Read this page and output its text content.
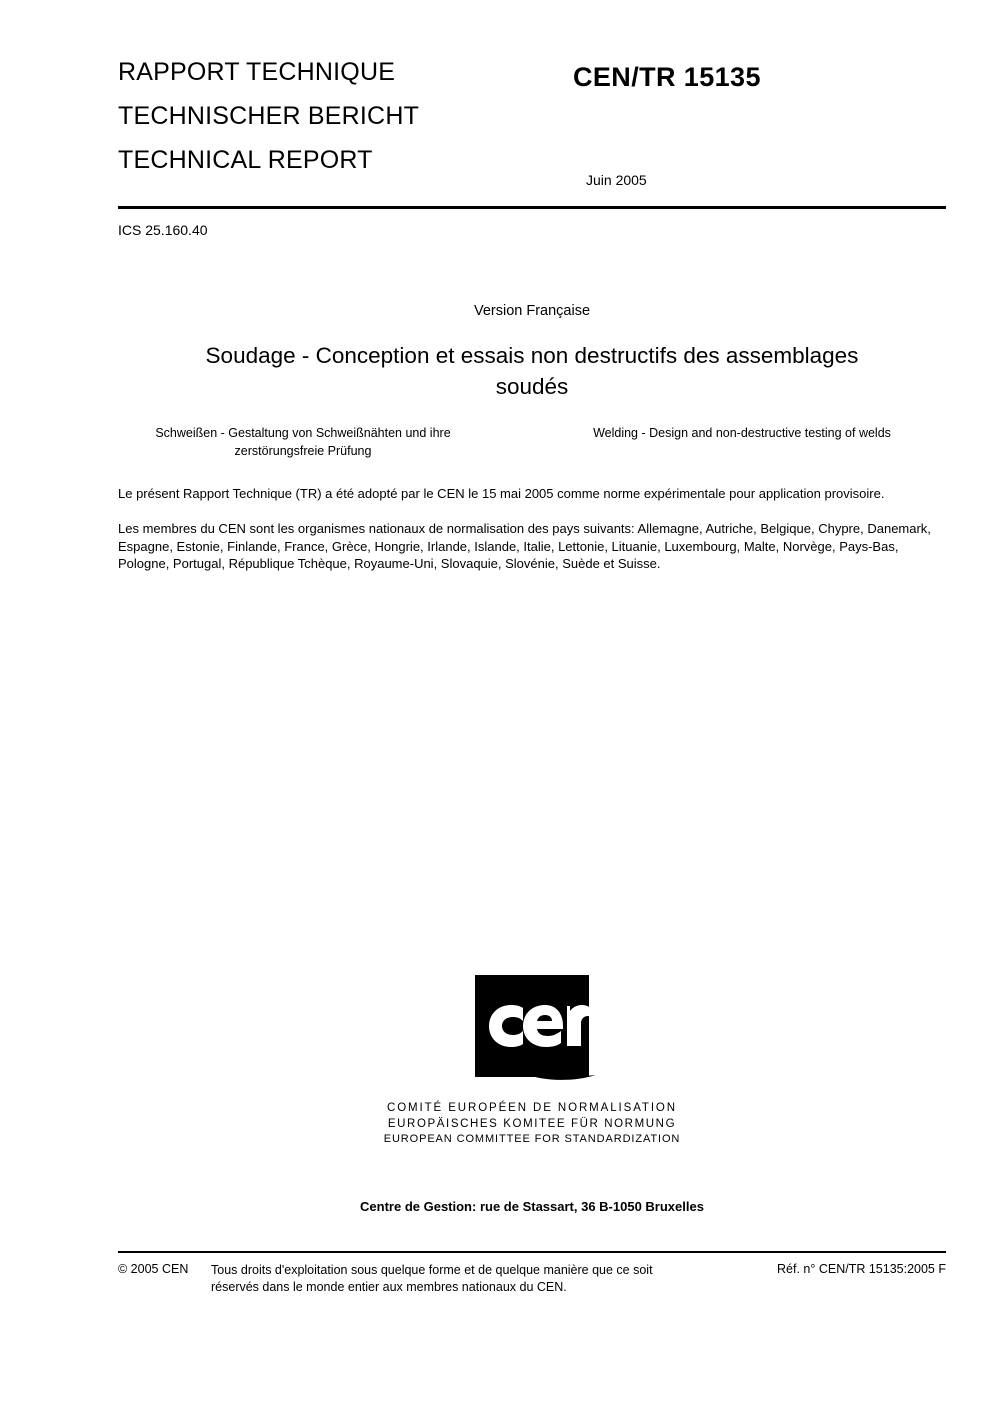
RAPPORT TECHNIQUE	CEN/TR 15135
TECHNISCHER BERICHT
TECHNICAL REPORT
Juin 2005
ICS 25.160.40
Version Française
Soudage - Conception et essais non destructifs des assemblages soudés
Schweißen - Gestaltung von Schweißnähten und ihre zerstörungsfreie Prüfung
Welding - Design and non-destructive testing of welds
Le présent Rapport Technique (TR) a été adopté par le CEN le 15 mai 2005 comme norme expérimentale pour application provisoire.
Les membres du CEN sont les organismes nationaux de normalisation des pays suivants: Allemagne, Autriche, Belgique, Chypre, Danemark, Espagne, Estonie, Finlande, France, Grèce, Hongrie, Irlande, Islande, Italie, Lettonie, Lituanie, Luxembourg, Malte, Norvège, Pays-Bas, Pologne, Portugal, République Tchèque, Royaume-Uni, Slovaquie, Slovénie, Suède et Suisse.
COMITÉ EUROPÉEN DE NORMALISATION
EUROPÄISCHES KOMITEE FÜR NORMUNG
EUROPEAN COMMITTEE FOR STANDARDIZATION
Centre de Gestion: rue de Stassart, 36 B-1050 Bruxelles
© 2005 CEN Tous droits d'exploitation sous quelque forme et de quelque manière que ce soit réservés dans le monde entier aux membres nationaux du CEN.
Réf. n° CEN/TR 15135:2005 F
